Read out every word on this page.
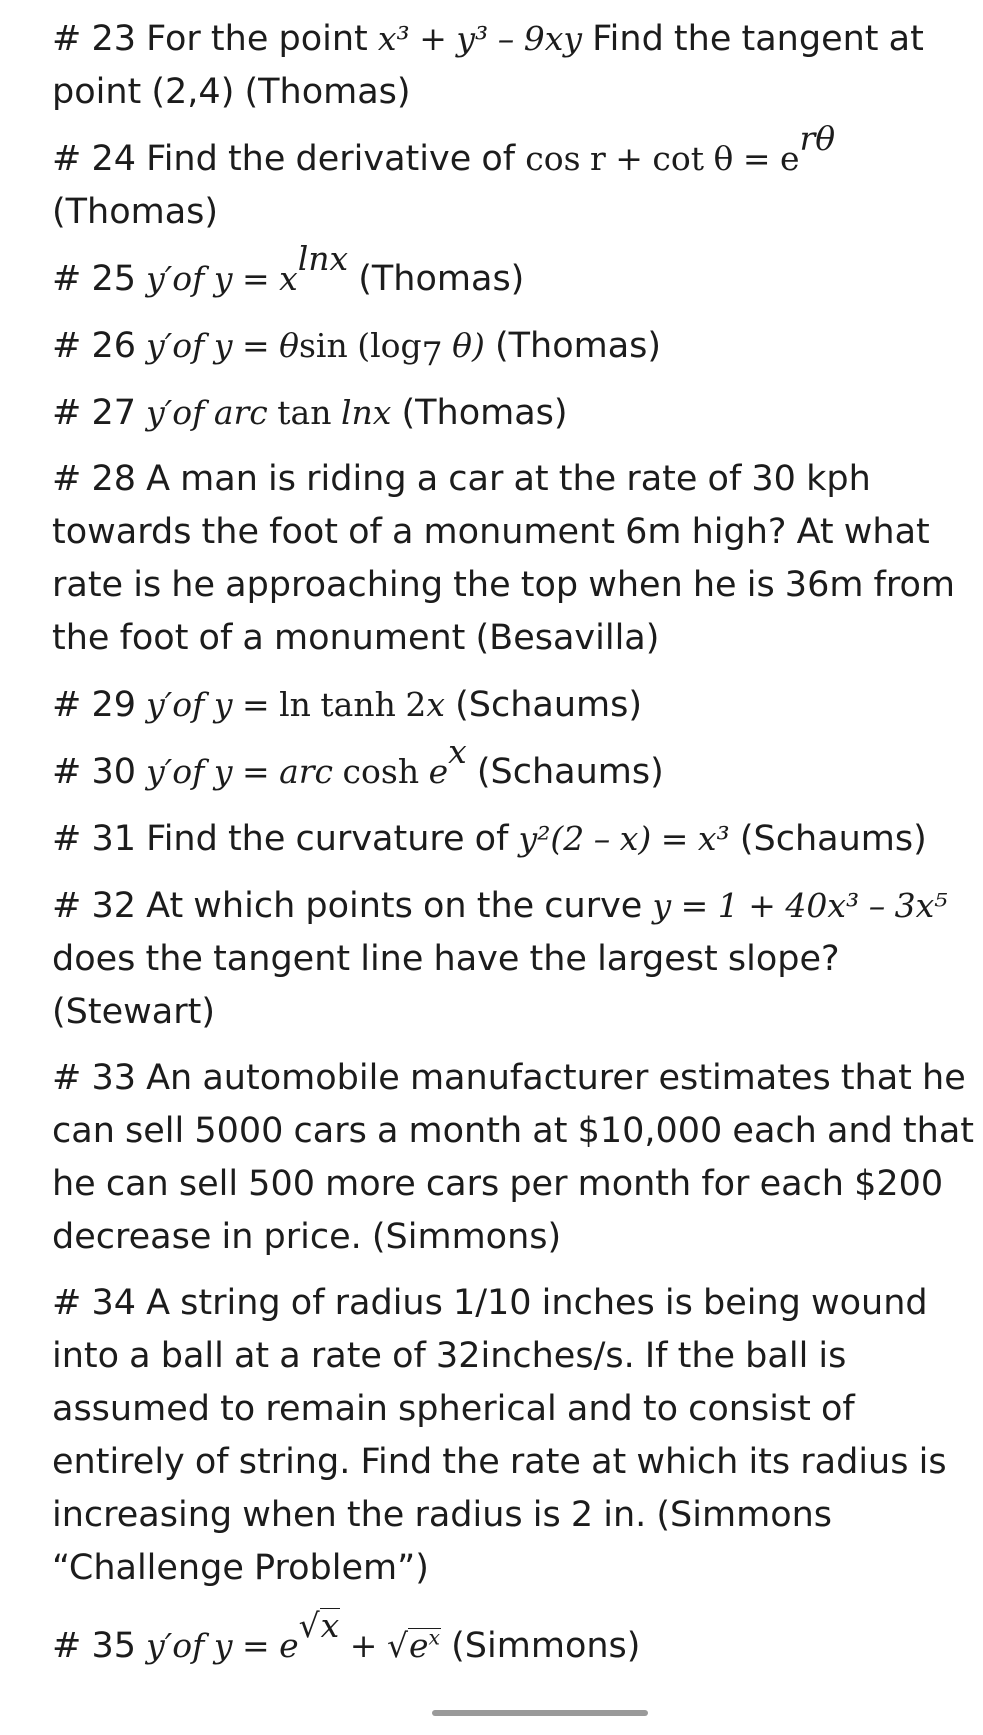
# 23 For the point x³ + y³ – 9xy Find the tangent at point (2,4) (Thomas)

# 24 Find the derivative of $\cos r + \cot \theta = e^{r\theta}$
(Thomas)

# 25 y′of $y = x^{lnx}$ (Thomas)

# 26 y′of y = θsin ($\log_7$ θ) (Thomas)

# 27 y′of arc tan lnx (Thomas)

# 28 A man is riding a car at the rate of 30 kph towards the foot of a monument 6m high? At what rate is he approaching the top when he is 36m from the foot of a monument (Besavilla)

# 29 y′of y = ln tanh 2x (Schaums)

# 30 y′of y = arc $\cosh e^x$ (Schaums)

# 31 Find the curvature of y²(2 – x) = x³ (Schaums)

# 32 At which points on the curve y = 1 + 40x³ – 3x⁵ does the tangent line have the largest slope? (Stewart)

# 33 An automobile manufacturer estimates that he can sell 5000 cars a month at $10,000 each and that he can sell 500 more cars per month for each $200 decrease in price. (Simmons)

# 34 A string of radius 1/10 inches is being wound into a ball at a rate of 32inches/s. If the ball is assumed to remain spherical and to consist of entirely of string. Find the rate at which its radius is increasing when the radius is 2 in. (Simmons “Challenge Problem”)

# 35 y′of $y = e^{√x} + √e^x$ (Simmons)
